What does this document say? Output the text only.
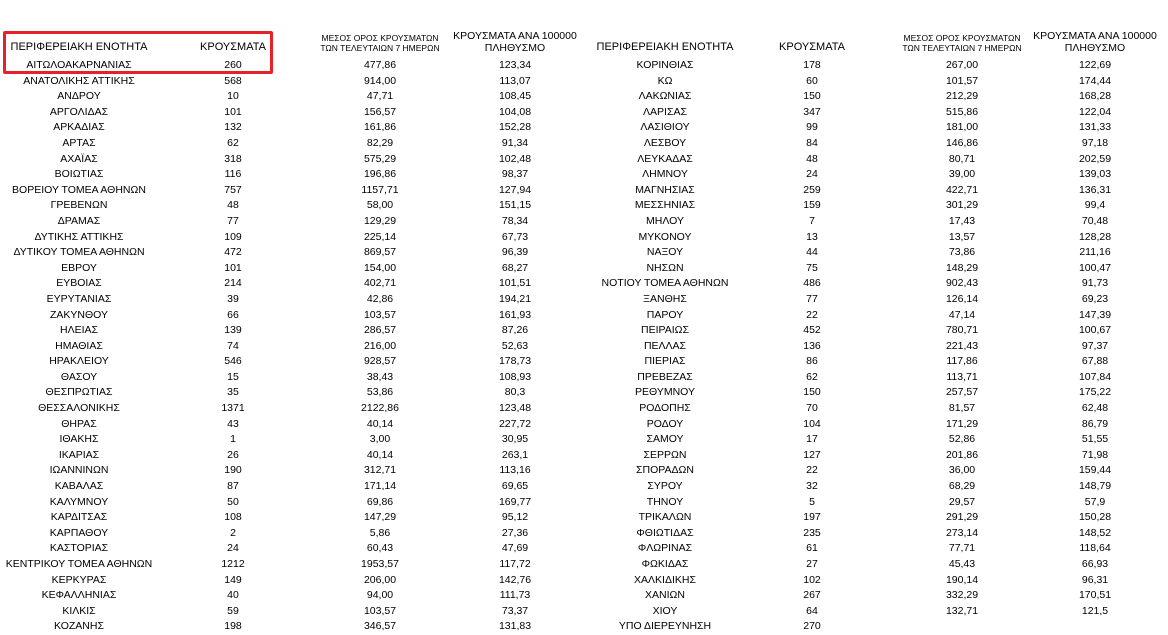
ΠΕΡΙΦΕΡΕΙΑΚΗ ΕΝΟΤΗΤΑ	ΚΡΟΥΣΜΑΤΑ
ΜΕΣΟΣ ΟΡΟΣ ΚΡΟΥΣΜΑΤΩΝ
ΤΩΝ ΤΕΛΕΥΤΑΙΩΝ 7 ΗΜΕΡΩΝ
ΚΡΟΥΣΜΑΤΑ ΑΝΑ 100000
ΠΛΗΘΥΣΜΟ
ΑΙΤΩΛΟΑΚΑΡΝΑΝΙΑΣ	260	477,86	123,34
ΑΝΑΤΟΛΙΚΗΣ ΑΤΤΙΚΗΣ	568	914,00	113,07
ΑΝΔΡΟΥ	10	47,71	108,45
ΑΡΓΟΛΙΔΑΣ	101	156,57	104,08
ΑΡΚΑΔΙΑΣ	132	161,86	152,28
ΑΡΤΑΣ	62	82,29	91,34
ΑΧΑΪΑΣ	318	575,29	102,48
ΒΟΙΩΤΙΑΣ	116	196,86	98,37
ΒΟΡΕΙΟΥ ΤΟΜΕΑ ΑΘΗΝΩΝ	757	1157,71	127,94
ΓΡΕΒΕΝΩΝ	48	58,00	151,15
ΔΡΑΜΑΣ	77	129,29	78,34
ΔΥΤΙΚΗΣ ΑΤΤΙΚΗΣ	109	225,14	67,73
ΔΥΤΙΚΟΥ ΤΟΜΕΑ ΑΘΗΝΩΝ	472	869,57	96,39
ΕΒΡΟΥ	101	154,00	68,27
ΕΥΒΟΙΑΣ	214	402,71	101,51
ΕΥΡΥΤΑΝΙΑΣ	39	42,86	194,21
ΖΑΚΥΝΘΟΥ	66	103,57	161,93
ΗΛΕΙΑΣ	139	286,57	87,26
ΗΜΑΘΙΑΣ	74	216,00	52,63
ΗΡΑΚΛΕΙΟΥ	546	928,57	178,73
ΘΑΣΟΥ	15	38,43	108,93
ΘΕΣΠΡΩΤΙΑΣ	35	53,86	80,3
ΘΕΣΣΑΛΟΝΙΚΗΣ	1371	2122,86	123,48
ΘΗΡΑΣ	43	40,14	227,72
ΙΘΑΚΗΣ	1	3,00	30,95
ΙΚΑΡΙΑΣ	26	40,14	263,1
ΙΩΑΝΝΙΝΩΝ	190	312,71	113,16
ΚΑΒΑΛΑΣ	87	171,14	69,65
ΚΑΛΥΜΝΟΥ	50	69,86	169,77
ΚΑΡΔΙΤΣΑΣ	108	147,29	95,12
ΚΑΡΠΑΘΟΥ	2	5,86	27,36
ΚΑΣΤΟΡΙΑΣ	24	60,43	47,69
ΚΕΝΤΡΙΚΟΥ ΤΟΜΕΑ ΑΘΗΝΩΝ	1212	1953,57	117,72
ΚΕΡΚΥΡΑΣ	149	206,00	142,76
ΚΕΦΑΛΛΗΝΙΑΣ	40	94,00	111,73
ΚΙΛΚΙΣ	59	103,57	73,37
ΚΟΖΑΝΗΣ	198	346,57	131,83
ΠΕΡΙΦΕΡΕΙΑΚΗ ΕΝΟΤΗΤΑ	ΚΡΟΥΣΜΑΤΑ
ΜΕΣΟΣ ΟΡΟΣ ΚΡΟΥΣΜΑΤΩΝ
ΤΩΝ ΤΕΛΕΥΤΑΙΩΝ 7 ΗΜΕΡΩΝ
ΚΡΟΥΣΜΑΤΑ ΑΝΑ 100000
ΠΛΗΘΥΣΜΟ
ΚΟΡΙΝΘΙΑΣ	178	267,00	122,69
ΚΩ	60	101,57	174,44
ΛΑΚΩΝΙΑΣ	150	212,29	168,28
ΛΑΡΙΣΑΣ	347	515,86	122,04
ΛΑΣΙΘΙΟΥ	99	181,00	131,33
ΛΕΣΒΟΥ	84	146,86	97,18
ΛΕΥΚΑΔΑΣ	48	80,71	202,59
ΛΗΜΝΟΥ	24	39,00	139,03
ΜΑΓΝΗΣΙΑΣ	259	422,71	136,31
ΜΕΣΣΗΝΙΑΣ	159	301,29	99,4
ΜΗΛΟΥ	7	17,43	70,48
ΜΥΚΟΝΟΥ	13	13,57	128,28
ΝΑΞΟΥ	44	73,86	211,16
ΝΗΣΩΝ	75	148,29	100,47
ΝΟΤΙΟΥ ΤΟΜΕΑ ΑΘΗΝΩΝ	486	902,43	91,73
ΞΑΝΘΗΣ	77	126,14	69,23
ΠΑΡΟΥ	22	47,14	147,39
ΠΕΙΡΑΙΩΣ	452	780,71	100,67
ΠΕΛΛΑΣ	136	221,43	97,37
ΠΙΕΡΙΑΣ	86	117,86	67,88
ΠΡΕΒΕΖΑΣ	62	113,71	107,84
ΡΕΘΥΜΝΟΥ	150	257,57	175,22
ΡΟΔΟΠΗΣ	70	81,57	62,48
ΡΟΔΟΥ	104	171,29	86,79
ΣΑΜΟΥ	17	52,86	51,55
ΣΕΡΡΩΝ	127	201,86	71,98
ΣΠΟΡΑΔΩΝ	22	36,00	159,44
ΣΥΡΟΥ	32	68,29	148,79
ΤΗΝΟΥ	5	29,57	57,9
ΤΡΙΚΑΛΩΝ	197	291,29	150,28
ΦΘΙΩΤΙΔΑΣ	235	273,14	148,52
ΦΛΩΡΙΝΑΣ	61	77,71	118,64
ΦΩΚΙΔΑΣ	27	45,43	66,93
ΧΑΛΚΙΔΙΚΗΣ	102	190,14	96,31
ΧΑΝΙΩΝ	267	332,29	170,51
ΧΙΟΥ	64	132,71	121,5
ΥΠΟ ΔΙΕΡΕΥΝΗΣΗ	270
